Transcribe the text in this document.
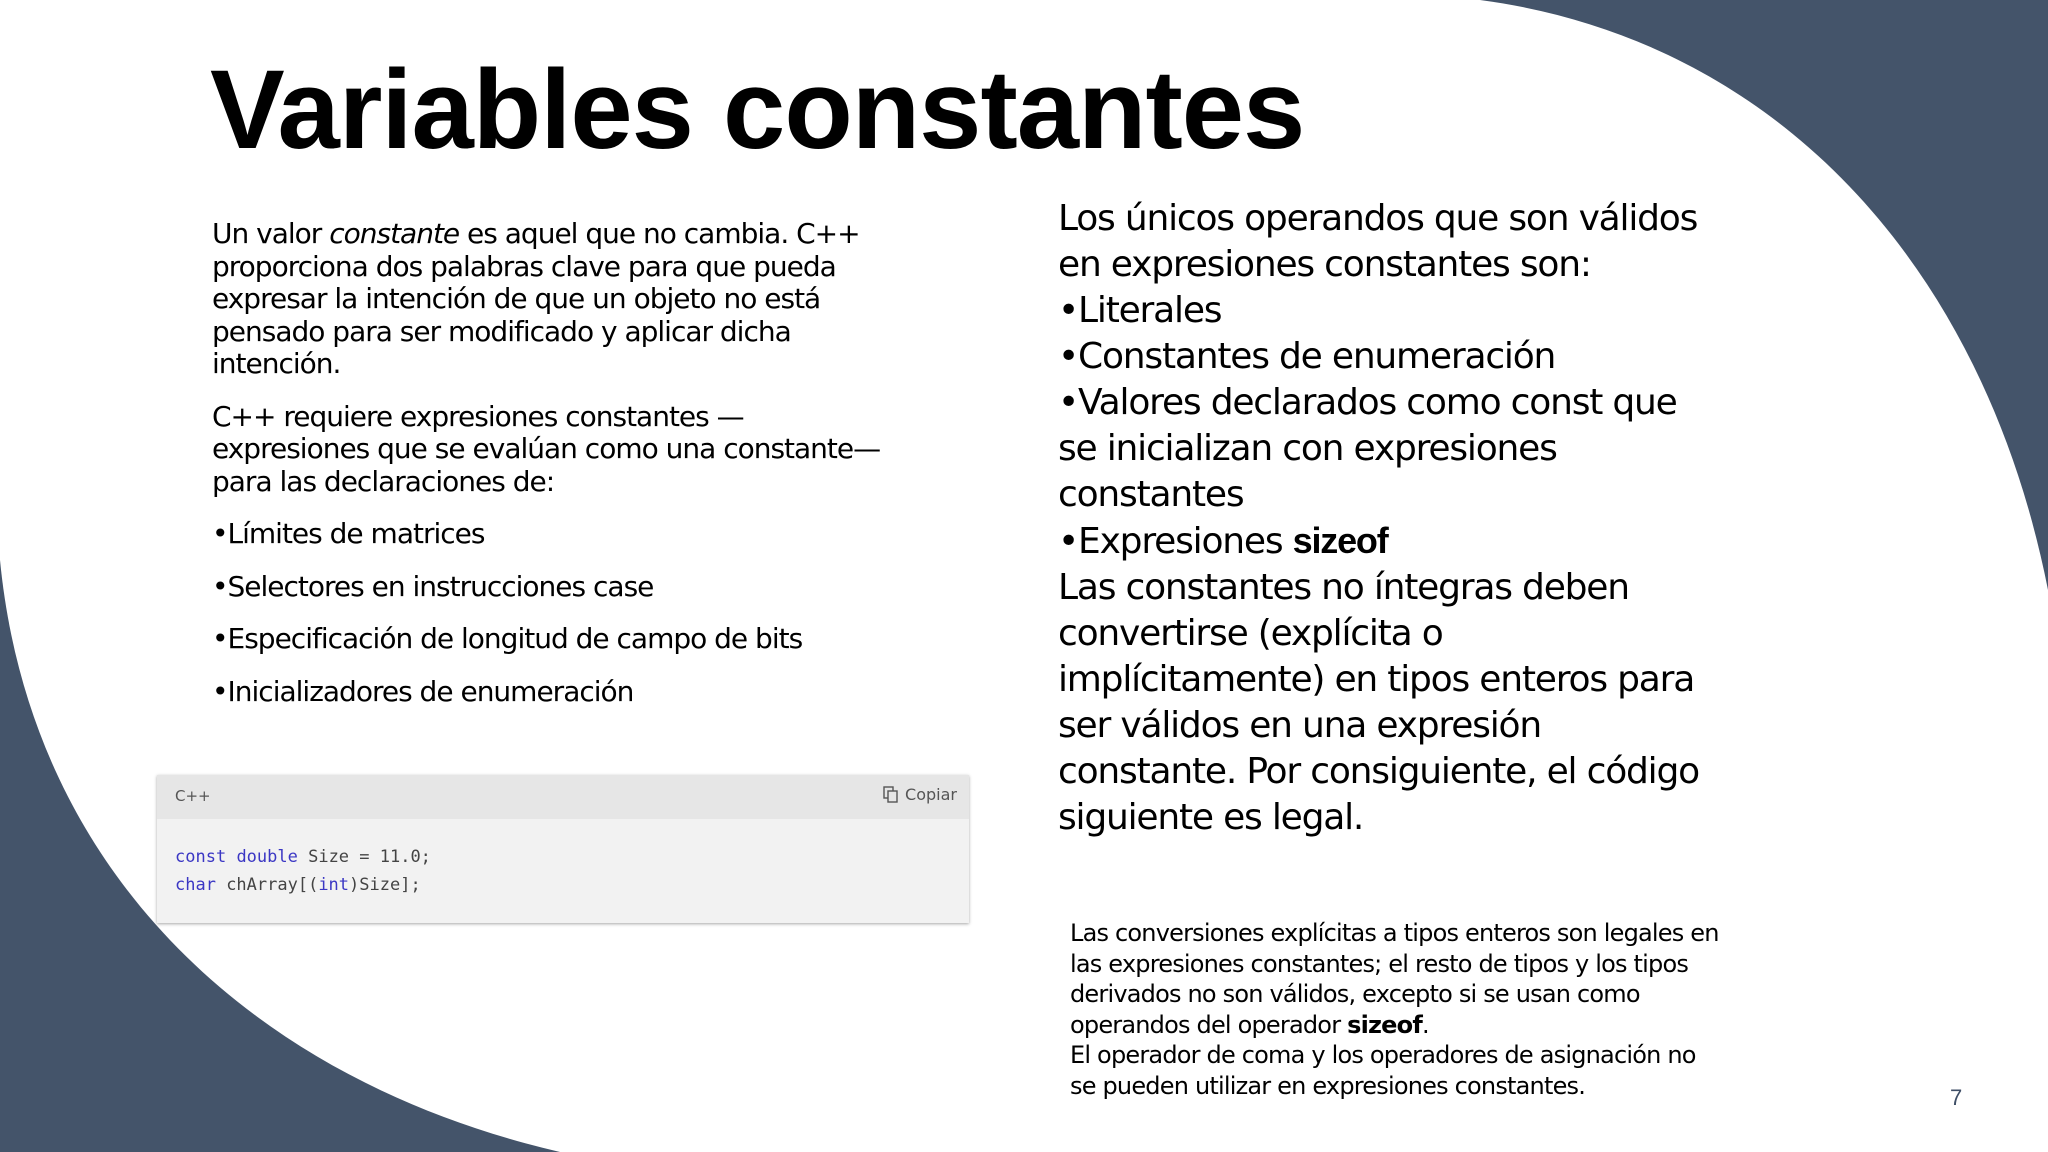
Variables constantes

Un valor constante es aquel que no cambia. C++ proporciona dos palabras clave para que pueda expresar la intención de que un objeto no está pensado para ser modificado y aplicar dicha intención.

C++ requiere expresiones constantes — expresiones que se evalúan como una constante— para las declaraciones de:

•Límites de matrices

•Selectores en instrucciones case

•Especificación de longitud de campo de bits

•Inicializadores de enumeración

C++	Copiar
const double Size = 11.0;
char chArray[(int)Size];
Los únicos operandos que son válidos
en expresiones constantes son:
•Literales
•Constantes de enumeración
•Valores declarados como const que
se inicializan con expresiones
constantes
•Expresiones sizeof
Las constantes no íntegras deben
convertirse (explícita o
implícitamente) en tipos enteros para
ser válidos en una expresión
constante. Por consiguiente, el código
siguiente es legal.
Las conversiones explícitas a tipos enteros son legales en
las expresiones constantes; el resto de tipos y los tipos
derivados no son válidos, excepto si se usan como
operandos del operador sizeof.
El operador de coma y los operadores de asignación no
se pueden utilizar en expresiones constantes.	7
